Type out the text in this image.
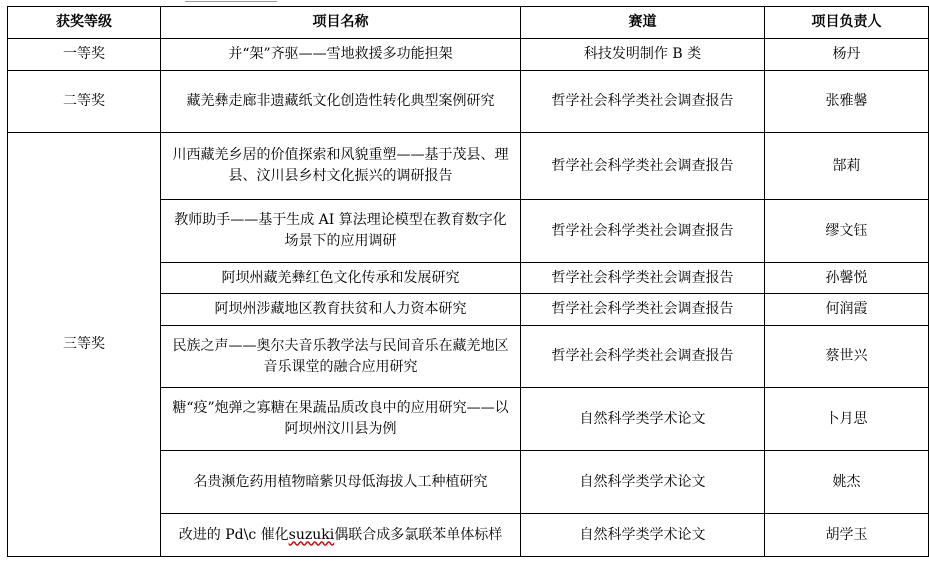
获奖等级	项目名称	赛道	项目负责人
一等奖	并“架”齐驱——雪地救援多功能担架	科技发明制作 B 类	杨丹
二等奖	藏羌彝走廊非遗藏纸文化创造性转化典型案例研究	哲学社会科学类社会调查报告	张雅馨
三等奖	川西藏羌乡居的价值探索和风貌重塑——基于茂县、理县、汶川县乡村文化振兴的调研报告	哲学社会科学类社会调查报告	郜莉
	教师助手——基于生成 AI 算法理论模型在教育数字化场景下的应用调研	哲学社会科学类社会调查报告	缪文钰
	阿坝州藏羌彝红色文化传承和发展研究	哲学社会科学类社会调查报告	孙馨悦
	阿坝州涉藏地区教育扶贫和人力资本研究	哲学社会科学类社会调查报告	何润霞
	民族之声——奥尔夫音乐教学法与民间音乐在藏羌地区音乐课堂的融合应用研究	哲学社会科学类社会调查报告	蔡世兴
	糖“疫”炮弹之寡糖在果蔬品质改良中的应用研究——以阿坝州汶川县为例	自然科学类学术论文	卜月思
	名贵濒危药用植物暗紫贝母低海拔人工种植研究	自然科学类学术论文	姚杰
	改进的 Pd\c 催化suzuki偶联合成多氯联苯单体标样	自然科学类学术论文	胡学玉
